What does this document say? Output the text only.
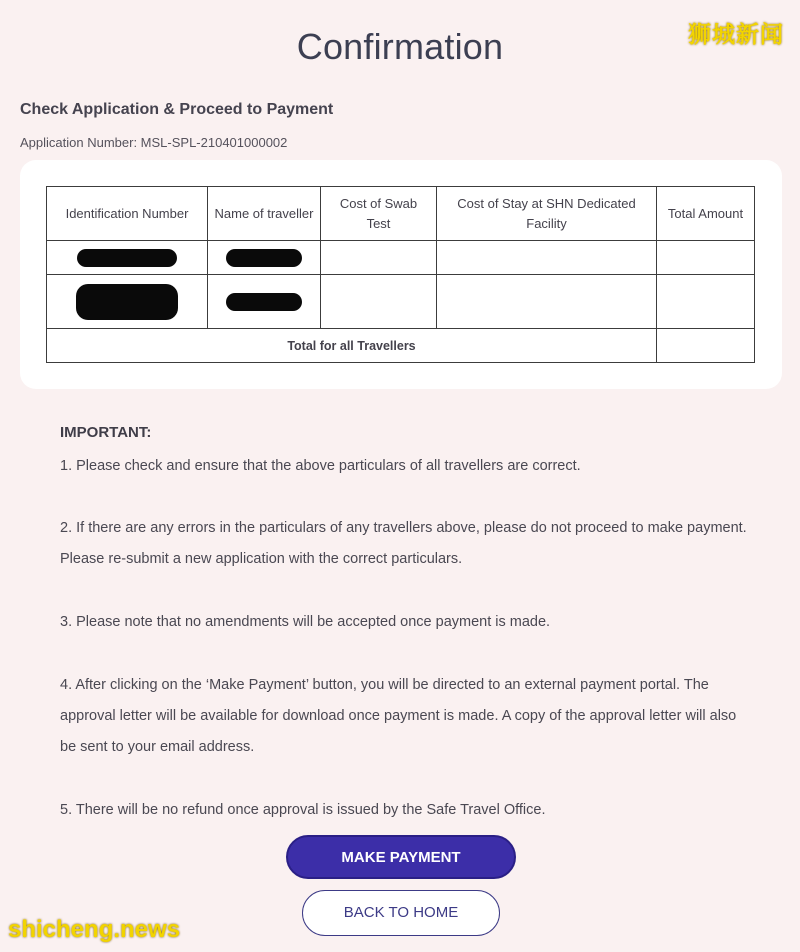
Confirmation
Check Application & Proceed to Payment
Application Number: MSL-SPL-210401000002
Identification Number	Name of traveller	Cost of Swab Test	Cost of Stay at SHN Dedicated Facility	Total Amount

Total for all Travellers				
IMPORTANT:
1. Please check and ensure that the above particulars of all travellers are correct.
2. If there are any errors in the particulars of any travellers above, please do not proceed to make payment. Please re-submit a new application with the correct particulars.
3. Please note that no amendments will be accepted once payment is made.
4. After clicking on the ‘Make Payment’ button, you will be directed to an external payment portal. The approval letter will be available for download once payment is made. A copy of the approval letter will also be sent to your email address.
5. There will be no refund once approval is issued by the Safe Travel Office.
MAKE PAYMENT
BACK TO HOME
狮城新闻
shicheng.news
